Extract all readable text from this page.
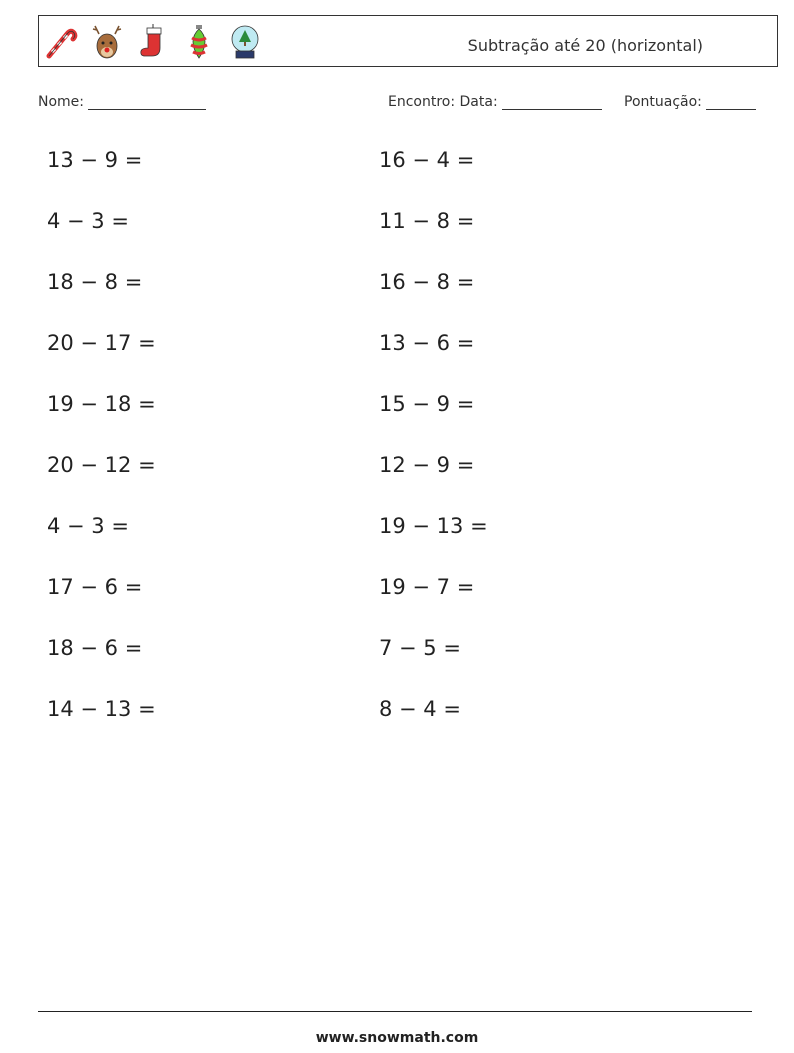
Subtração até 20 (horizontal)
Nome:	Encontro: Data:	Pontuação:
13 − 9 =
4 − 3 =
18 − 8 =
20 − 17 =
19 − 18 =
20 − 12 =
4 − 3 =
17 − 6 =
18 − 6 =
14 − 13 =
16 − 4 =
11 − 8 =
16 − 8 =
13 − 6 =
15 − 9 =
12 − 9 =
19 − 13 =
19 − 7 =
7 − 5 =
8 − 4 =
www.snowmath.com
